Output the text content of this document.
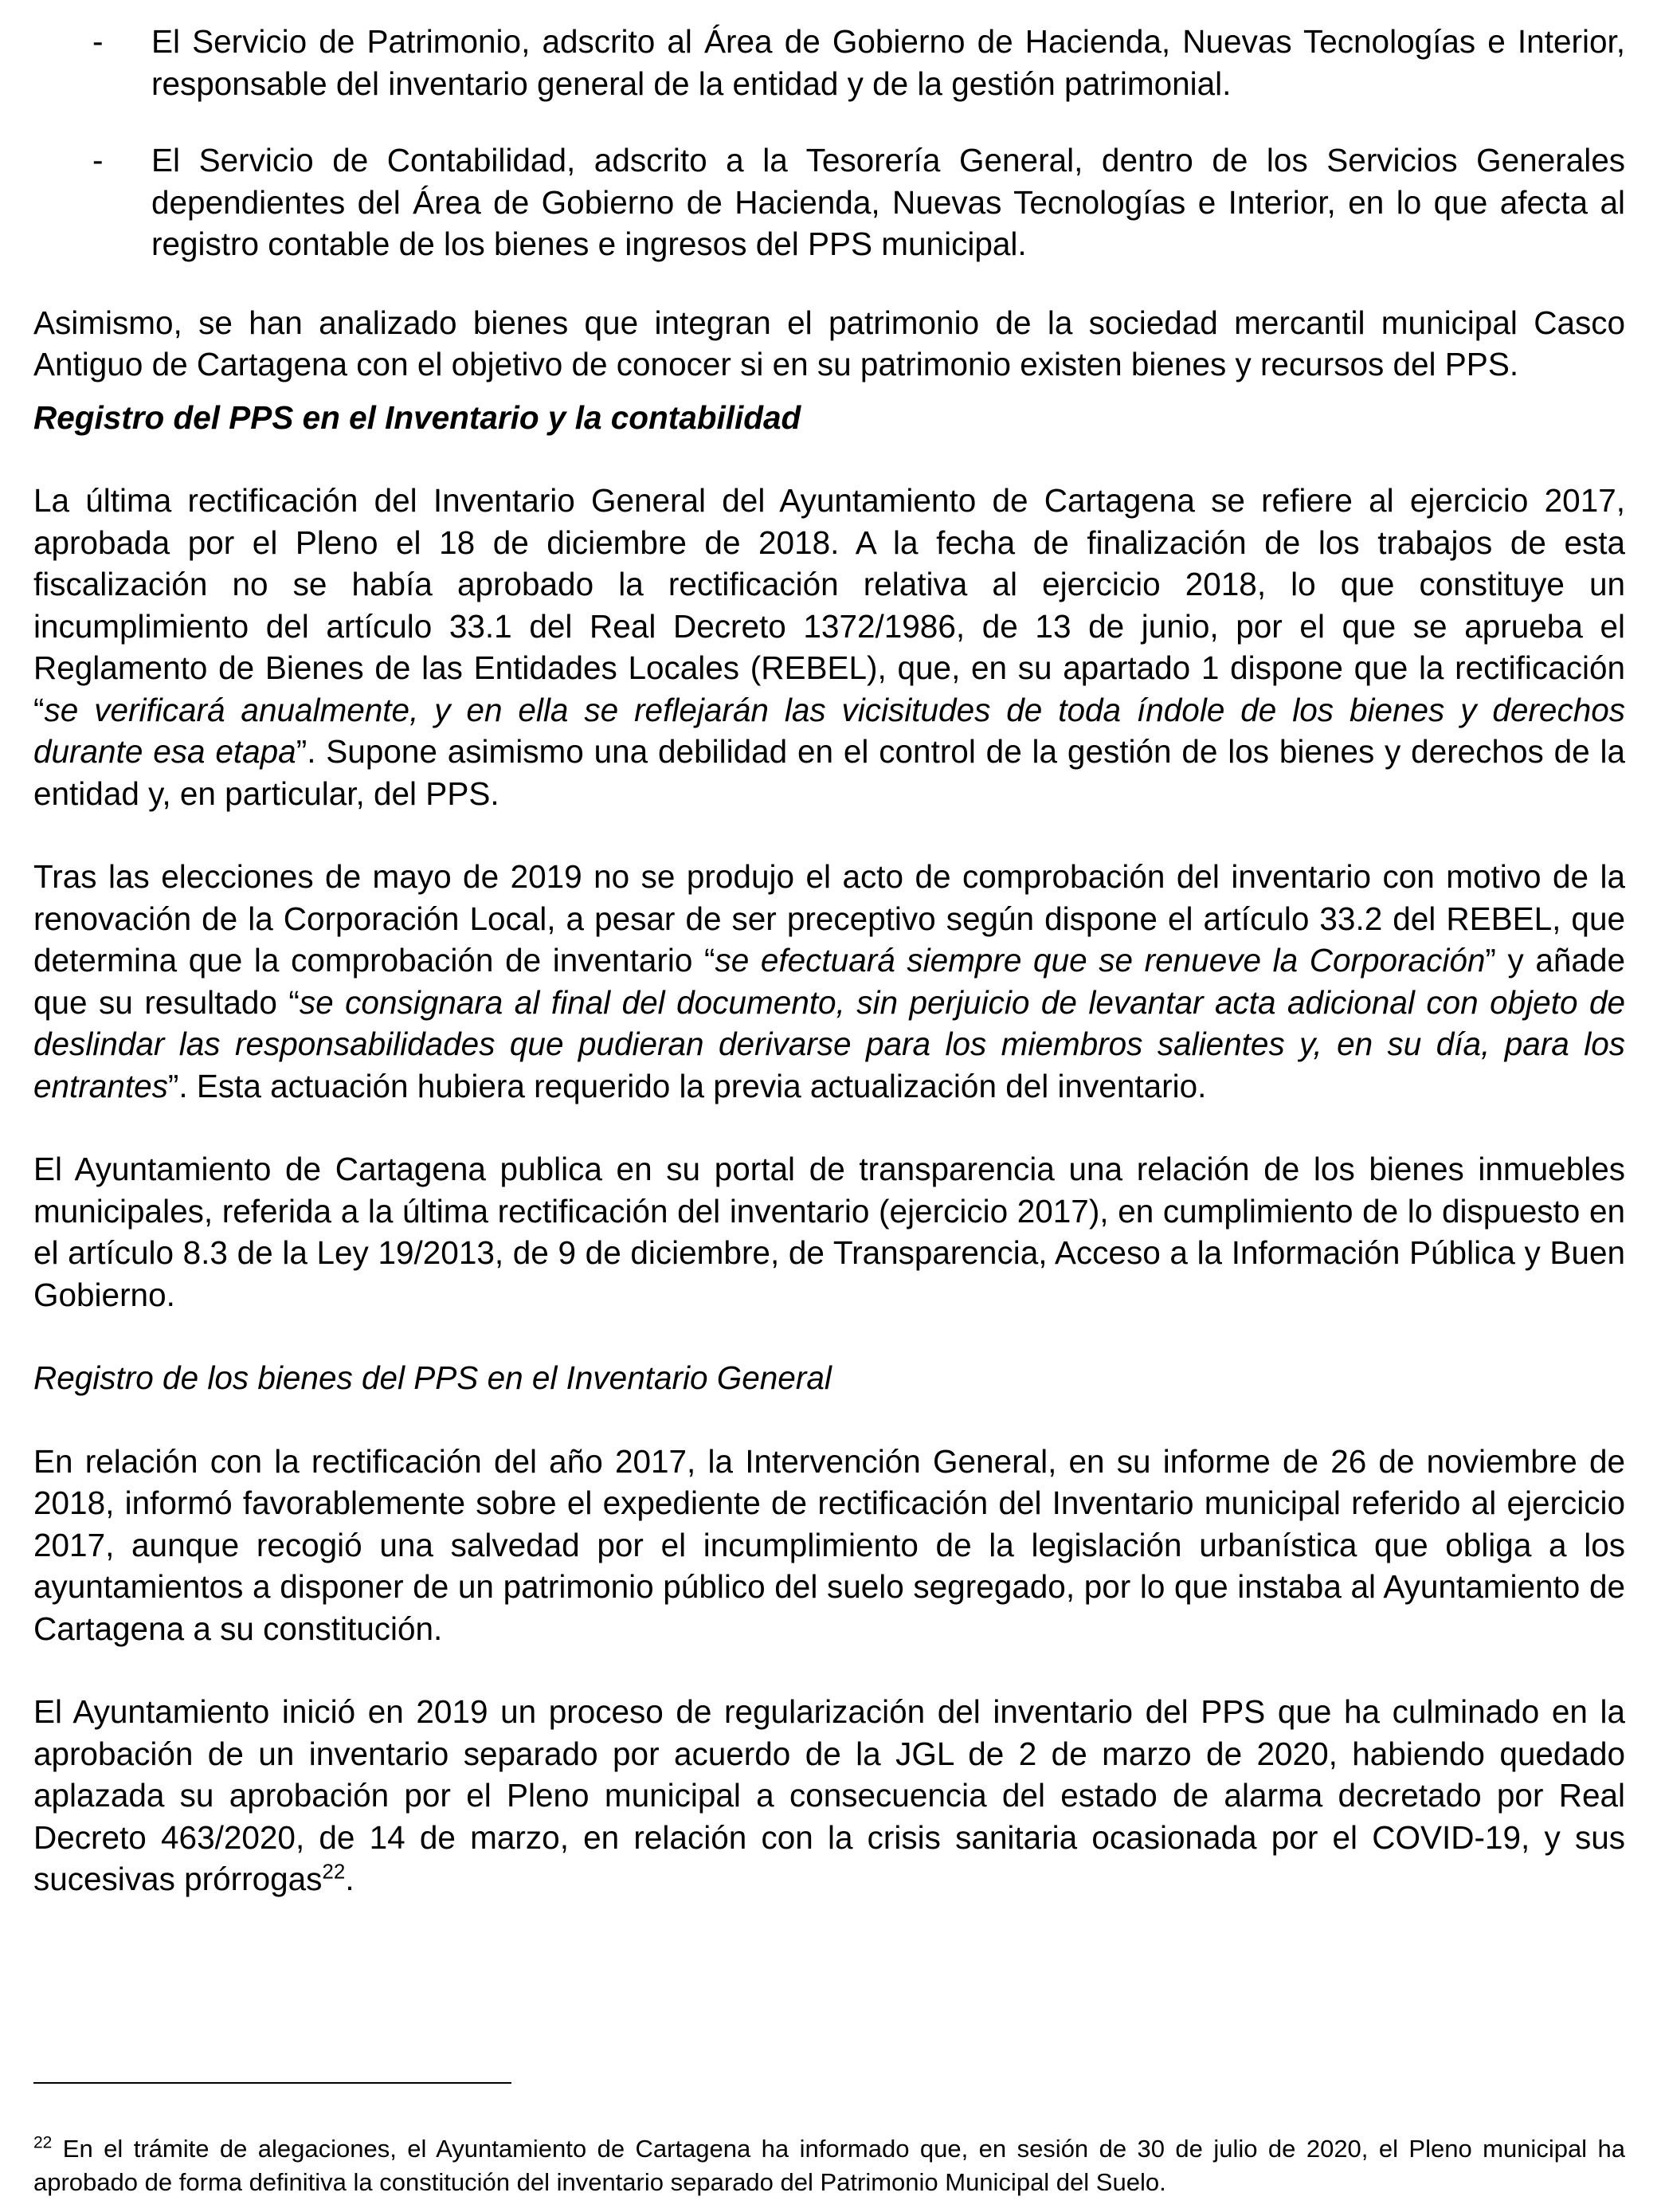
- El Servicio de Patrimonio, adscrito al Área de Gobierno de Hacienda, Nuevas Tecnologías e Interior, responsable del inventario general de la entidad y de la gestión patrimonial.

- El Servicio de Contabilidad, adscrito a la Tesorería General, dentro de los Servicios Generales dependientes del Área de Gobierno de Hacienda, Nuevas Tecnologías e Interior, en lo que afecta al registro contable de los bienes e ingresos del PPS municipal.

Asimismo, se han analizado bienes que integran el patrimonio de la sociedad mercantil municipal Casco Antiguo de Cartagena con el objetivo de conocer si en su patrimonio existen bienes y recursos del PPS.

Registro del PPS en el Inventario y la contabilidad

La última rectificación del Inventario General del Ayuntamiento de Cartagena se refiere al ejercicio 2017, aprobada por el Pleno el 18 de diciembre de 2018. A la fecha de finalización de los trabajos de esta fiscalización no se había aprobado la rectificación relativa al ejercicio 2018, lo que constituye un incumplimiento del artículo 33.1 del Real Decreto 1372/1986, de 13 de junio, por el que se aprueba el Reglamento de Bienes de las Entidades Locales (REBEL), que, en su apartado 1 dispone que la rectificación “se verificará anualmente, y en ella se reflejarán las vicisitudes de toda índole de los bienes y derechos durante esa etapa”. Supone asimismo una debilidad en el control de la gestión de los bienes y derechos de la entidad y, en particular, del PPS.

Tras las elecciones de mayo de 2019 no se produjo el acto de comprobación del inventario con motivo de la renovación de la Corporación Local, a pesar de ser preceptivo según dispone el artículo 33.2 del REBEL, que determina que la comprobación de inventario “se efectuará siempre que se renueve la Corporación” y añade que su resultado “se consignara al final del documento, sin perjuicio de levantar acta adicional con objeto de deslindar las responsabilidades que pudieran derivarse para los miembros salientes y, en su día, para los entrantes”. Esta actuación hubiera requerido la previa actualización del inventario.

El Ayuntamiento de Cartagena publica en su portal de transparencia una relación de los bienes inmuebles municipales, referida a la última rectificación del inventario (ejercicio 2017), en cumplimiento de lo dispuesto en el artículo 8.3 de la Ley 19/2013, de 9 de diciembre, de Transparencia, Acceso a la Información Pública y Buen Gobierno.

Registro de los bienes del PPS en el Inventario General

En relación con la rectificación del año 2017, la Intervención General, en su informe de 26 de noviembre de 2018, informó favorablemente sobre el expediente de rectificación del Inventario municipal referido al ejercicio 2017, aunque recogió una salvedad por el incumplimiento de la legislación urbanística que obliga a los ayuntamientos a disponer de un patrimonio público del suelo segregado, por lo que instaba al Ayuntamiento de Cartagena a su constitución.

El Ayuntamiento inició en 2019 un proceso de regularización del inventario del PPS que ha culminado en la aprobación de un inventario separado por acuerdo de la JGL de 2 de marzo de 2020, habiendo quedado aplazada su aprobación por el Pleno municipal a consecuencia del estado de alarma decretado por Real Decreto 463/2020, de 14 de marzo, en relación con la crisis sanitaria ocasionada por el COVID-19, y sus sucesivas prórrogas$^{22}$.

$^{22}$ En el trámite de alegaciones, el Ayuntamiento de Cartagena ha informado que, en sesión de 30 de julio de 2020, el Pleno municipal ha aprobado de forma definitiva la constitución del inventario separado del Patrimonio Municipal del Suelo.
